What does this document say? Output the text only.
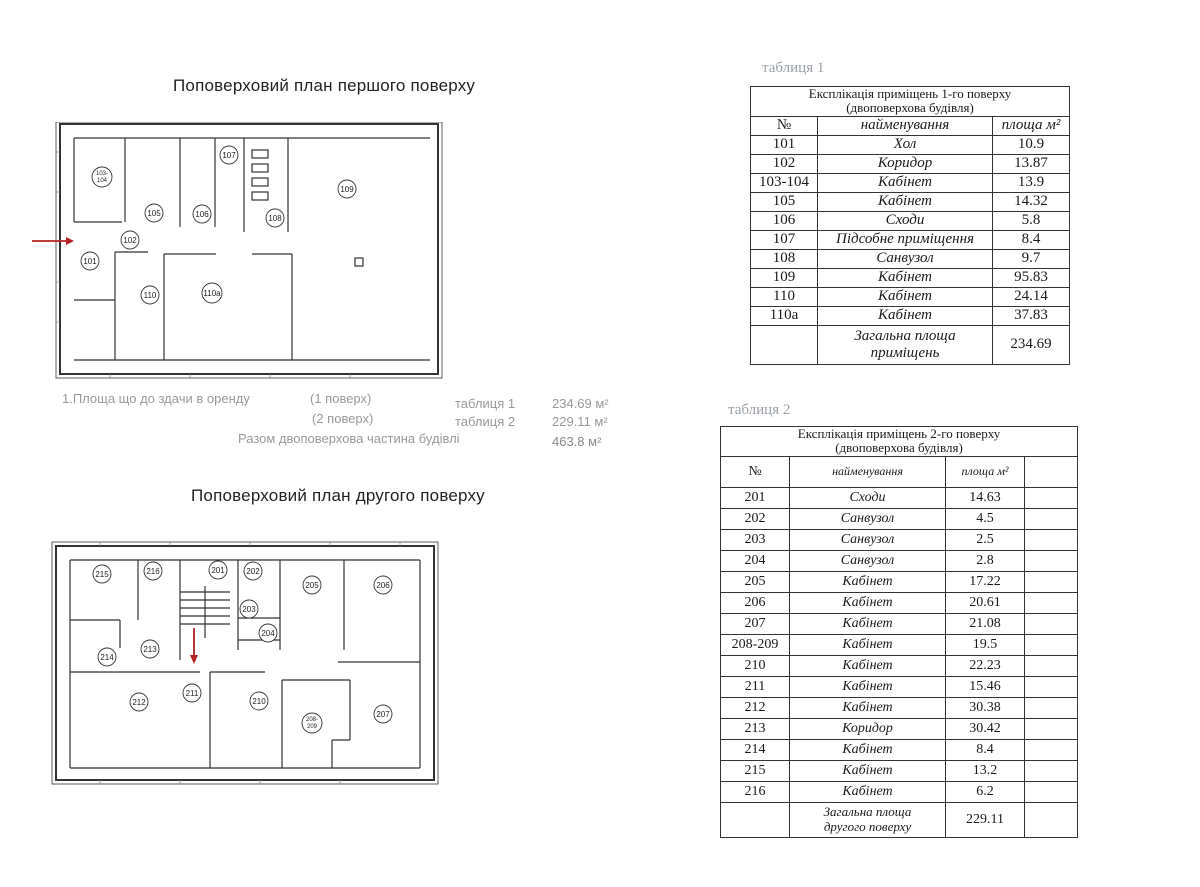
Поповерховий план першого поверху
Поповерховий план другого поверху
таблиця 1
таблиця 2
103-
104
105	106
107
108
109
102
101
110	110а
1.Площа що до здачи в оренду	(1 поверх)	таблиця 1	234.69 м²
(2 поверх)	таблиця 2	229.11 м²
Разом двоповерхова частина будівлі	463.8 м²
215	216	201	202
203
204
205	206
214
213
211
212	210
208-
209
207
Експлікація приміщень 1-го поверху
(двоповерхова будівля)		

№	найменування	площа м²
101	Хол	10.9
102	Коридор	13.87
103-104	Кабінет	13.9
105	Кабінет	14.32
106	Сходи	5.8
107	Підсобне приміщення	8.4
108	Санвузол	9.7
109	Кабінет	95.83
110	Кабінет	24.14
110а	Кабінет	37.83
	Загальна площа приміщень	234.69
Експлікація приміщень 2-го поверху
(двоповерхова будівля)			

№	найменування	площа м²	
201	Сходи	14.63	
202	Санвузол	4.5	
203	Санвузол	2.5	
204	Санвузол	2.8	
205	Кабінет	17.22	
206	Кабінет	20.61	
207	Кабінет	21.08	
208-209	Кабінет	19.5	
210	Кабінет	22.23	
211	Кабінет	15.46	
212	Кабінет	30.38	
213	Коридор	30.42	
214	Кабінет	8.4	
215	Кабінет	13.2	
216	Кабінет	6.2	
	Загальна площа другого поверху	229.11	
